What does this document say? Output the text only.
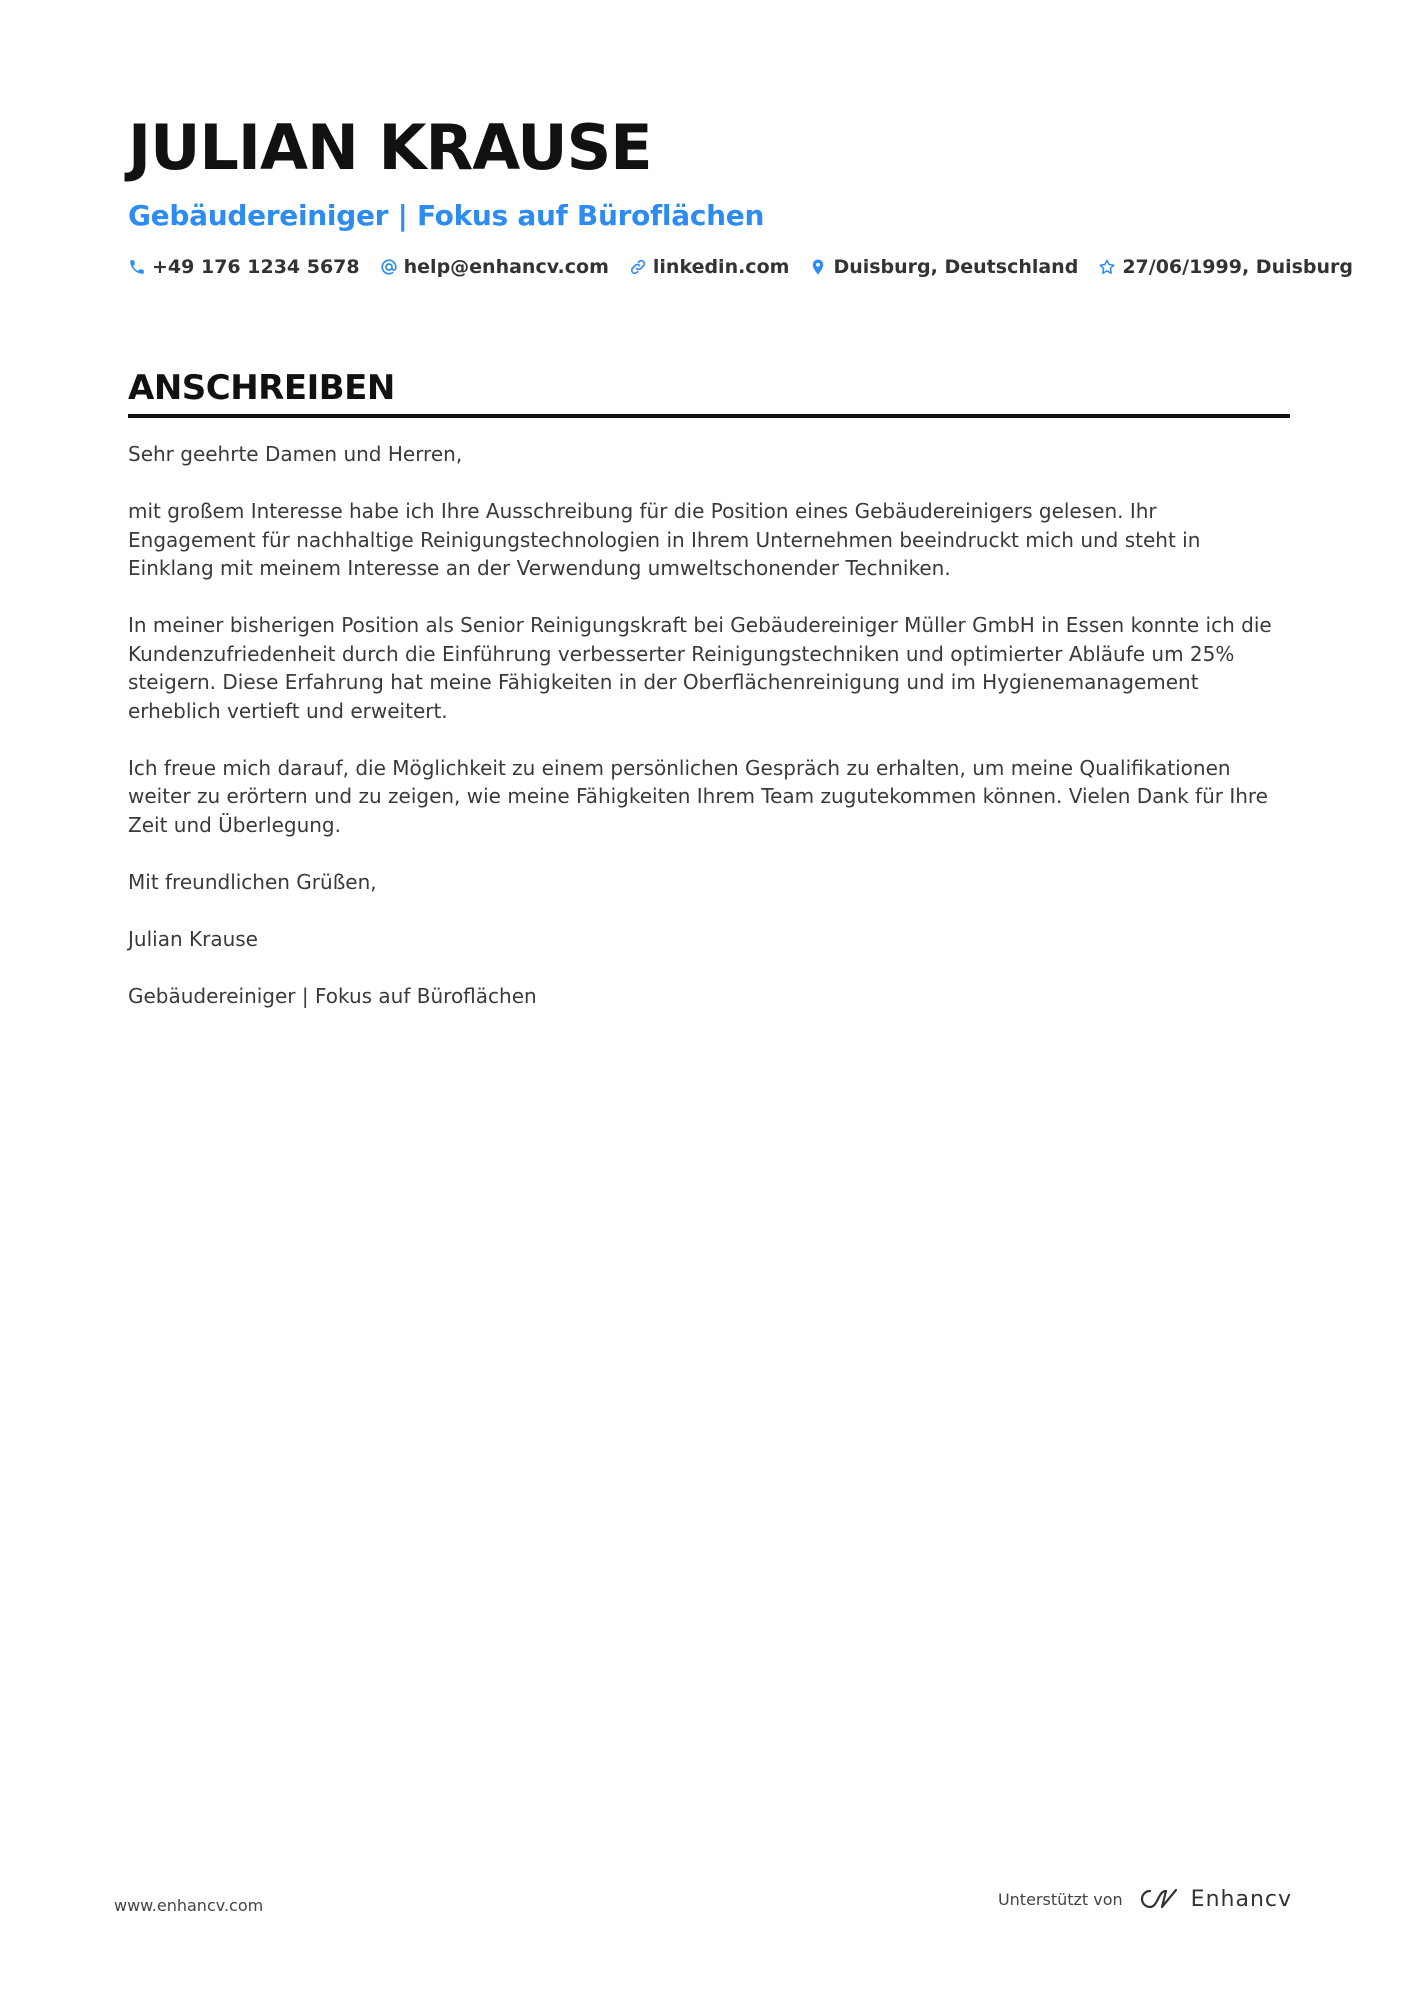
JULIAN KRAUSE
Gebäudereiniger | Fokus auf Büroflächen
+49 176 1234 5678 help@enhancv.com linkedin.com Duisburg, Deutschland 27/06/1999, Duisburg
ANSCHREIBEN

Sehr geehrte Damen und Herren,

mit großem Interesse habe ich Ihre Ausschreibung für die Position eines Gebäudereinigers gelesen. Ihr Engagement für nachhaltige Reinigungstechnologien in Ihrem Unternehmen beeindruckt mich und steht in Einklang mit meinem Interesse an der Verwendung umweltschonender Techniken.

In meiner bisherigen Position als Senior Reinigungskraft bei Gebäudereiniger Müller GmbH in Essen konnte ich die Kundenzufriedenheit durch die Einführung verbesserter Reinigungstechniken und optimierter Abläufe um 25% steigern. Diese Erfahrung hat meine Fähigkeiten in der Oberflächenreinigung und im Hygienemanagement erheblich vertieft und erweitert.

Ich freue mich darauf, die Möglichkeit zu einem persönlichen Gespräch zu erhalten, um meine Qualifikationen weiter zu erörtern und zu zeigen, wie meine Fähigkeiten Ihrem Team zugutekommen können. Vielen Dank für Ihre Zeit und Überlegung.

Mit freundlichen Grüßen,

Julian Krause

Gebäudereiniger | Fokus auf Büroflächen

www.enhancv.com	Unterstützt von	Enhancv
